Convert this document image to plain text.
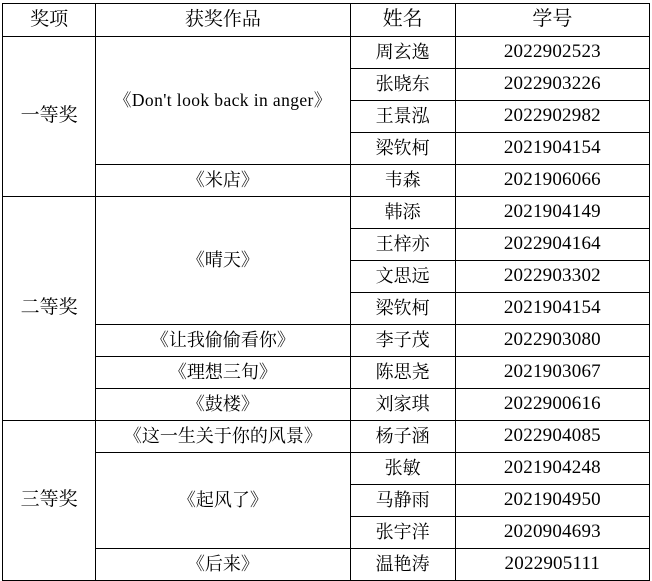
奖项	获奖作品	姓名	学号
一等奖	《Don't look back in anger》	周玄逸	2022902523
		张晓东	2022903226
		王景泓	2022902982
		梁钦柯	2021904154
	《米店》	韦森	2021906066
二等奖	《晴天》	韩添	2021904149
		王梓亦	2022904164
		文思远	2022903302
		梁钦柯	2021904154
	《让我偷偷看你》	李子茂	2022903080
	《理想三旬》	陈思尧	2021903067
	《鼓楼》	刘家琪	2022900616
三等奖	《这一生关于你的风景》	杨子涵	2022904085
	《起风了》	张敏	2021904248
		马静雨	2021904950
		张宇洋	2020904693
	《后来》	温艳涛	2022905111
